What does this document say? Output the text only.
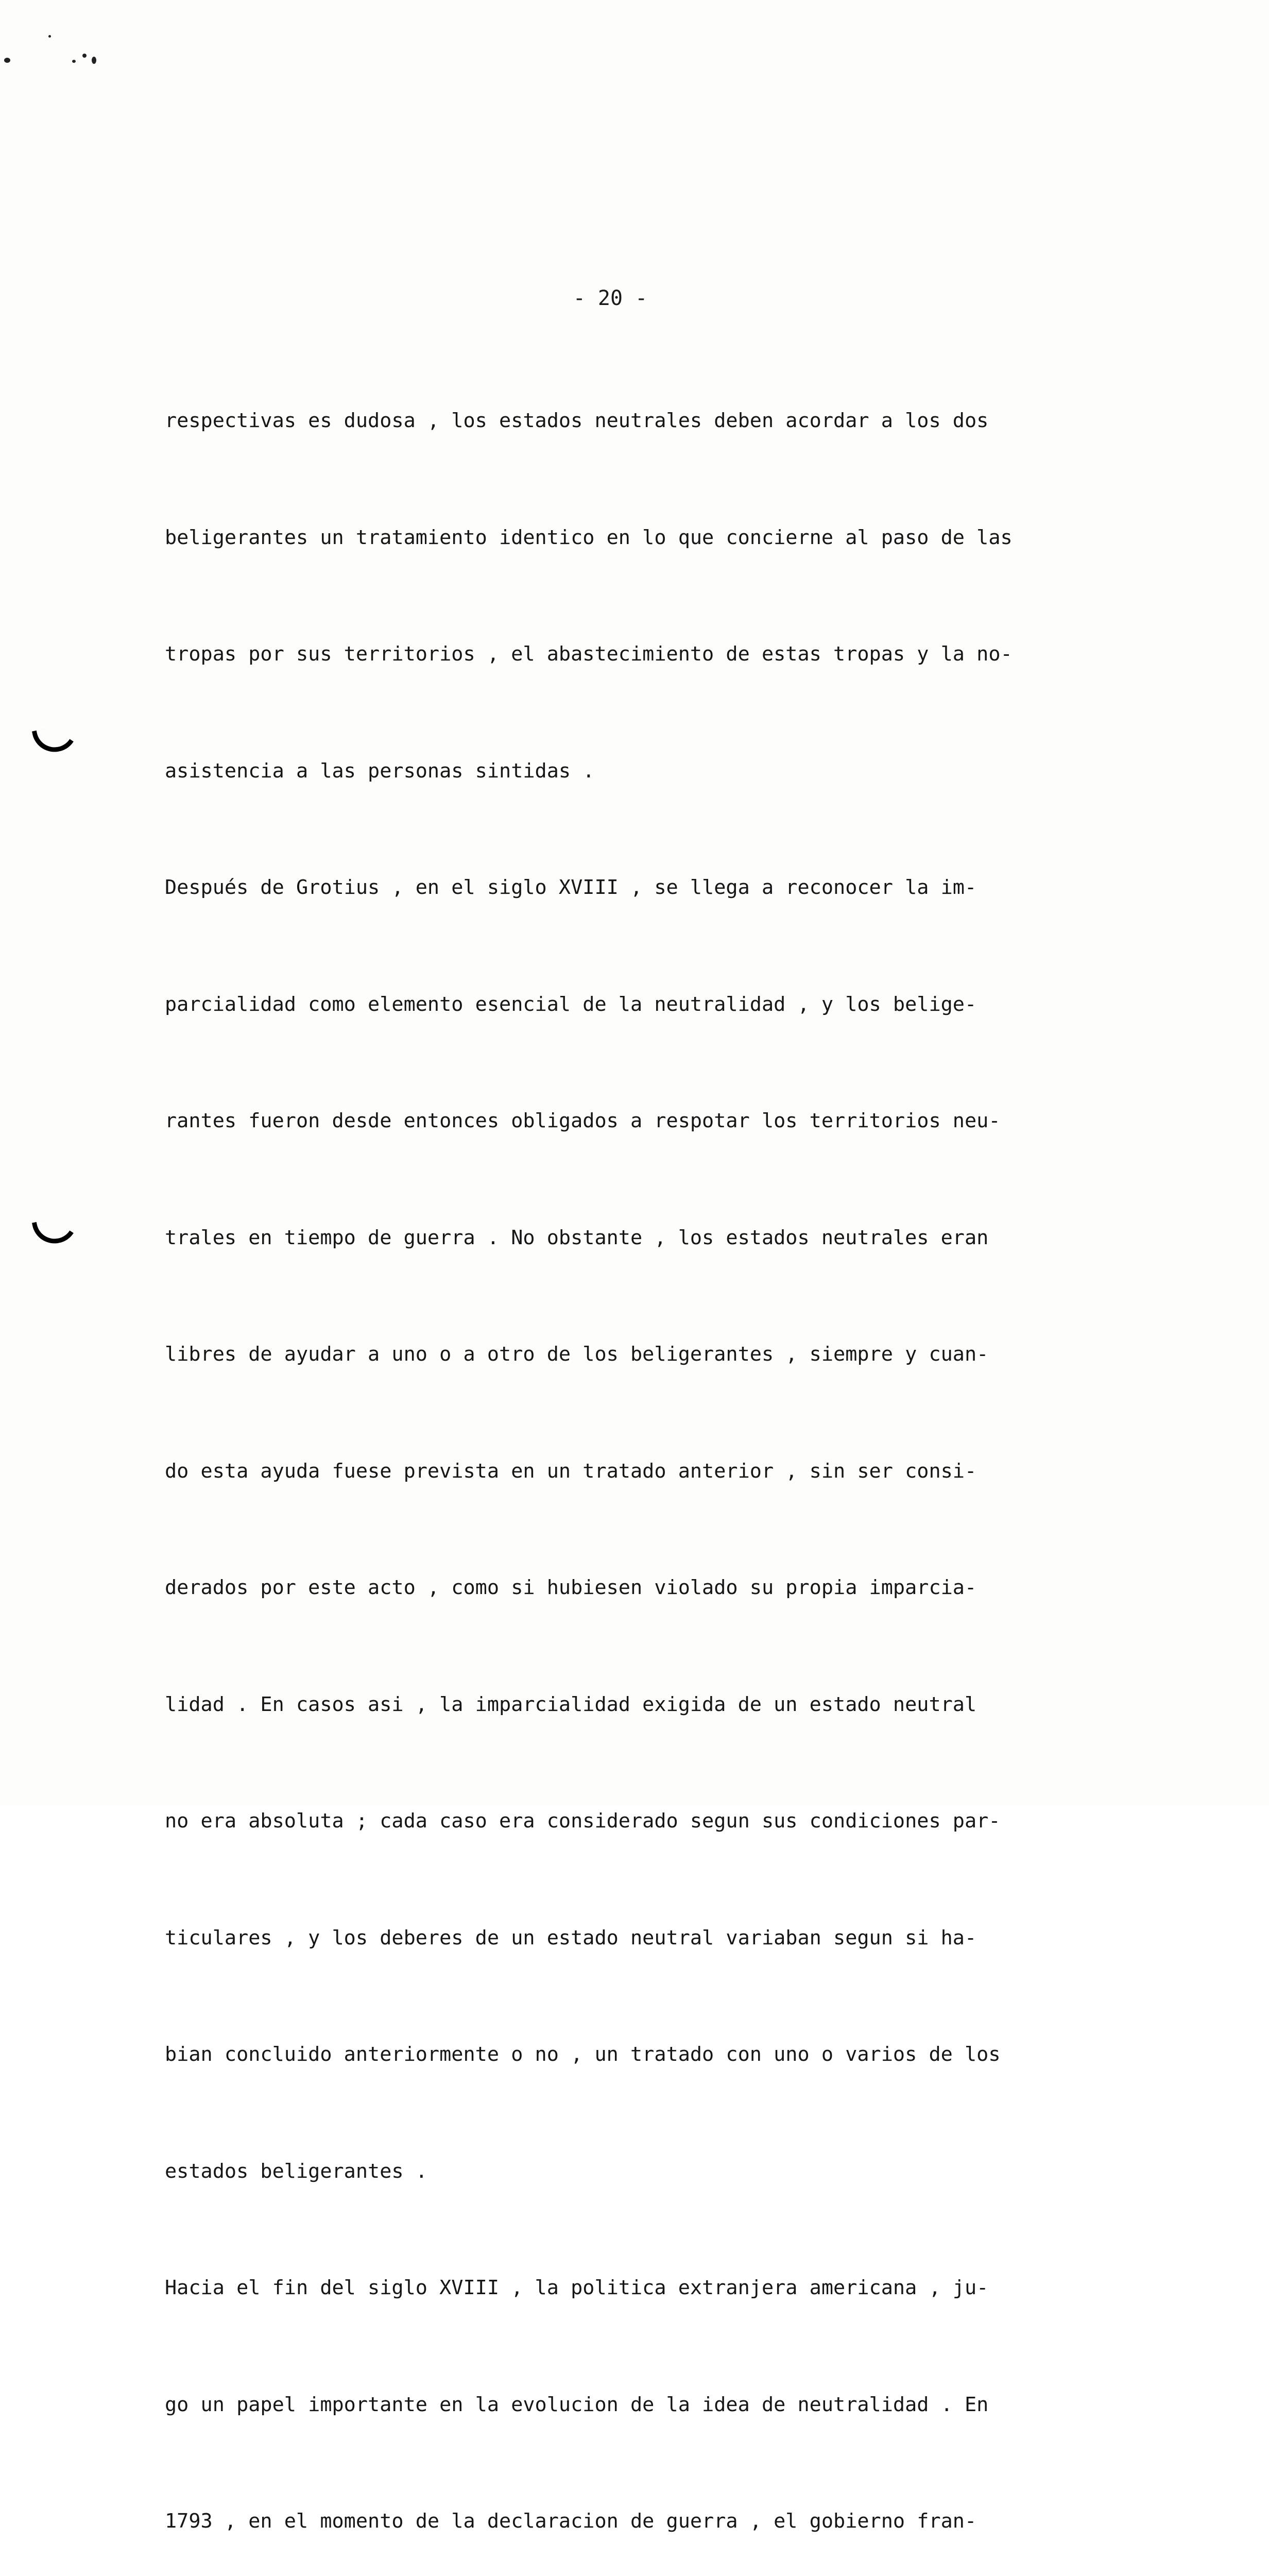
- 20 -

respectivas es dudosa , los estados neutrales deben acordar a los dos

beligerantes un tratamiento identico en lo que concierne al paso de las

tropas por sus territorios , el abastecimiento de estas tropas y la no-

asistencia a las personas sintidas .

Después de Grotius , en el siglo XVIII , se llega a reconocer la im-

parcialidad como elemento esencial de la neutralidad , y los belige-

rantes fueron desde entonces obligados a respotar los territorios neu-

trales en tiempo de guerra . No obstante , los estados neutrales eran

libres de ayudar a uno o a otro de los beligerantes , siempre y cuan-

do esta ayuda fuese prevista en un tratado anterior , sin ser consi-

derados por este acto , como si hubiesen violado su propia imparcia-

lidad . En casos asi , la imparcialidad exigida de un estado neutral

no era absoluta ; cada caso era considerado segun sus condiciones par-

ticulares , y los deberes de un estado neutral variaban segun si ha-

bian concluido anteriormente o no , un tratado con uno o varios de los

estados beligerantes .

Hacia el fin del siglo XVIII , la politica extranjera americana , ju-

go un papel importante en la evolucion de la idea de neutralidad . En

1793 , en el momento de la declaracion de guerra , el gobierno fran-
